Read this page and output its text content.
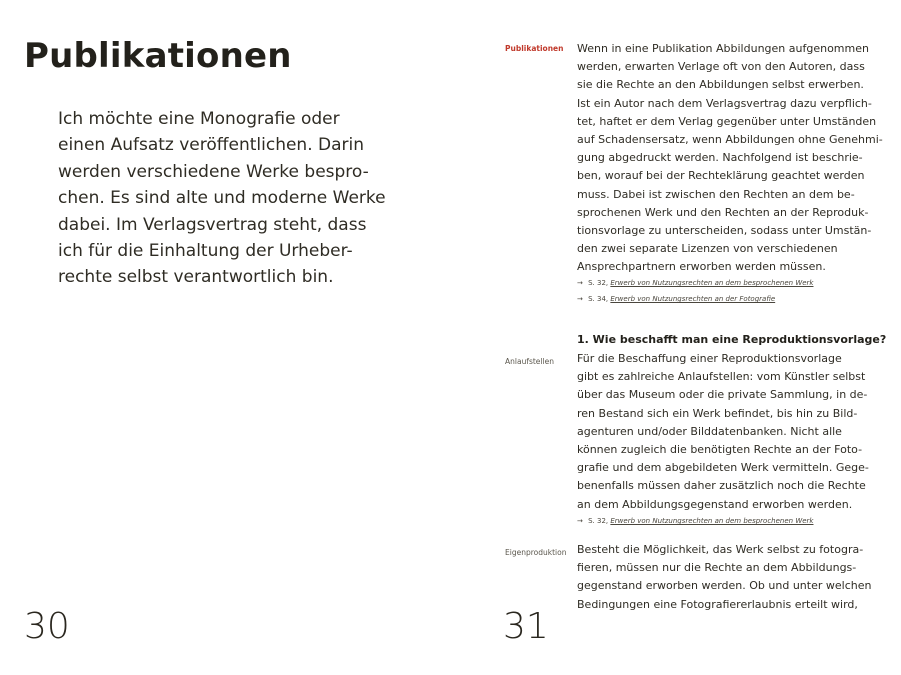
Publikationen
Ich möchte eine Monografie oder
einen Aufsatz veröffentlichen. Darin
werden verschiedene Werke bespro-
chen. Es sind alte und moderne Werke
dabei. Im Verlagsvertrag steht, dass
ich für die Einhaltung der Urheber-
rechte selbst verantwortlich bin.
30
Publikationen Wenn in eine Publikation Abbildungen aufgenommen
werden, erwarten Verlage oft von den Autoren, dass
sie die Rechte an den Abbildungen selbst erwerben.
Ist ein Autor nach dem Verlagsvertrag dazu verpflich-
tet, haftet er dem Verlag gegenüber unter Umständen
auf Schadensersatz, wenn Abbildungen ohne Genehmi-
gung abgedruckt werden. Nachfolgend ist beschrie-
ben, worauf bei der Rechteklärung geachtet werden
muss. Dabei ist zwischen den Rechten an dem be-
sprochenen Werk und den Rechten an der Reproduk-
tionsvorlage zu unterscheiden, sodass unter Umstän-
den zwei separate Lizenzen von verschiedenen
Ansprechpartnern erworben werden müssen.
→ S. 32, Erwerb von Nutzungsrechten an dem besprochenen Werk
→ S. 34, Erwerb von Nutzungsrechten an der Fotografie
1. Wie beschafft man eine Reproduktionsvorlage?
Anlaufstellen Für die Beschaffung einer Reproduktionsvorlage
gibt es zahlreiche Anlaufstellen: vom Künstler selbst
über das Museum oder die private Sammlung, in de-
ren Bestand sich ein Werk befindet, bis hin zu Bild-
agenturen und/oder Bilddatenbanken. Nicht alle
können zugleich die benötigten Rechte an der Foto-
grafie und dem abgebildeten Werk vermitteln. Gege-
benenfalls müssen daher zusätzlich noch die Rechte
an dem Abbildungsgegenstand erworben werden.
→ S. 32, Erwerb von Nutzungsrechten an dem besprochenen Werk
Eigenproduktion Besteht die Möglichkeit, das Werk selbst zu fotogra-
fieren, müssen nur die Rechte an dem Abbildungs-
gegenstand erworben werden. Ob und unter welchen
Bedingungen eine Fotografiererlaubnis erteilt wird,
31
